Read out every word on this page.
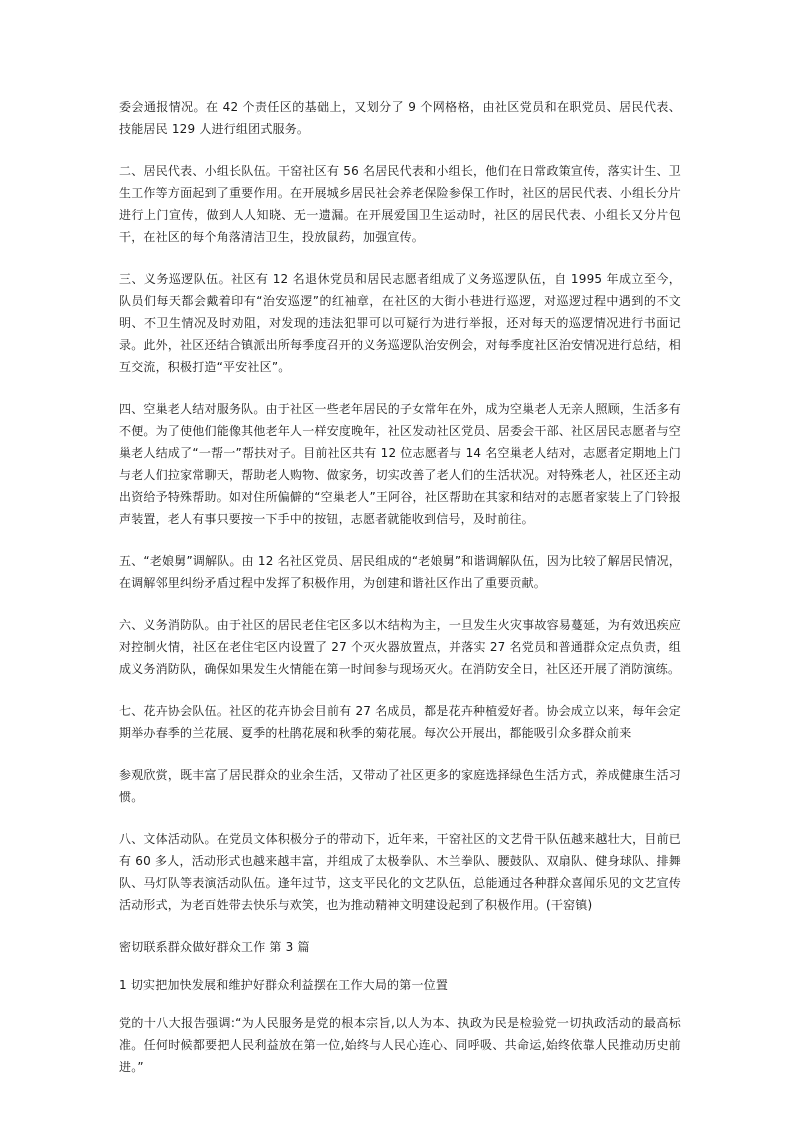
委会通报情况。在 42 个责任区的基础上，又划分了 9 个网格格，由社区党员和在职党员、居民代表、技能居民 129 人进行组团式服务。

二、居民代表、小组长队伍。干窑社区有 56 名居民代表和小组长，他们在日常政策宣传，落实计生、卫生工作等方面起到了重要作用。在开展城乡居民社会养老保险参保工作时，社区的居民代表、小组长分片进行上门宣传，做到人人知晓、无一遗漏。在开展爱国卫生运动时，社区的居民代表、小组长又分片包干，在社区的每个角落清洁卫生，投放鼠药，加强宣传。

三、义务巡逻队伍。社区有 12 名退休党员和居民志愿者组成了义务巡逻队伍，自 1995 年成立至今，队员们每天都会戴着印有“治安巡逻”的红袖章，在社区的大街小巷进行巡逻，对巡逻过程中遇到的不文明、不卫生情况及时劝阻，对发现的违法犯罪可以可疑行为进行举报，还对每天的巡逻情况进行书面记录。此外，社区还结合镇派出所每季度召开的义务巡逻队治安例会，对每季度社区治安情况进行总结，相互交流，积极打造“平安社区”。

四、空巢老人结对服务队。由于社区一些老年居民的子女常年在外，成为空巢老人无亲人照顾，生活多有不便。为了使他们能像其他老年人一样安度晚年，社区发动社区党员、居委会干部、社区居民志愿者与空巢老人结成了“一帮一”帮扶对子。目前社区共有 12 位志愿者与 14 名空巢老人结对，志愿者定期地上门与老人们拉家常聊天，帮助老人购物、做家务，切实改善了老人们的生活状况。对特殊老人，社区还主动出资给予特殊帮助。如对住所偏僻的“空巢老人”王阿谷，社区帮助在其家和结对的志愿者家装上了门铃报声装置，老人有事只要按一下手中的按钮，志愿者就能收到信号，及时前往。

五、“老娘舅”调解队。由 12 名社区党员、居民组成的“老娘舅”和谐调解队伍，因为比较了解居民情况，在调解邻里纠纷矛盾过程中发挥了积极作用，为创建和谐社区作出了重要贡献。

六、义务消防队。由于社区的居民老住宅区多以木结构为主，一旦发生火灾事故容易蔓延，为有效迅疾应对控制火情，社区在老住宅区内设置了 27 个灭火器放置点，并落实 27 名党员和普通群众定点负责，组成义务消防队，确保如果发生火情能在第一时间参与现场灭火。在消防安全日，社区还开展了消防演练。

七、花卉协会队伍。社区的花卉协会目前有 27 名成员，都是花卉种植爱好者。协会成立以来，每年会定期举办春季的兰花展、夏季的杜鹃花展和秋季的菊花展。每次公开展出，都能吸引众多群众前来

参观欣赏，既丰富了居民群众的业余生活，又带动了社区更多的家庭选择绿色生活方式，养成健康生活习惯。

八、文体活动队。在党员文体积极分子的带动下，近年来，干窑社区的文艺骨干队伍越来越壮大，目前已有 60 多人，活动形式也越来越丰富，并组成了太极拳队、木兰拳队、腰鼓队、双扇队、健身球队、排舞队、马灯队等表演活动队伍。逢年过节，这支平民化的文艺队伍，总能通过各种群众喜闻乐见的文艺宣传活动形式，为老百姓带去快乐与欢笑，也为推动精神文明建设起到了积极作用。(干窑镇)

密切联系群众做好群众工作 第 3 篇

1 切实把加快发展和维护好群众利益摆在工作大局的第一位置

党的十八大报告强调:“为人民服务是党的根本宗旨,以人为本、执政为民是检验党一切执政活动的最高标准。任何时候都要把人民利益放在第一位,始终与人民心连心、同呼吸、共命运,始终依靠人民推动历史前进。”
